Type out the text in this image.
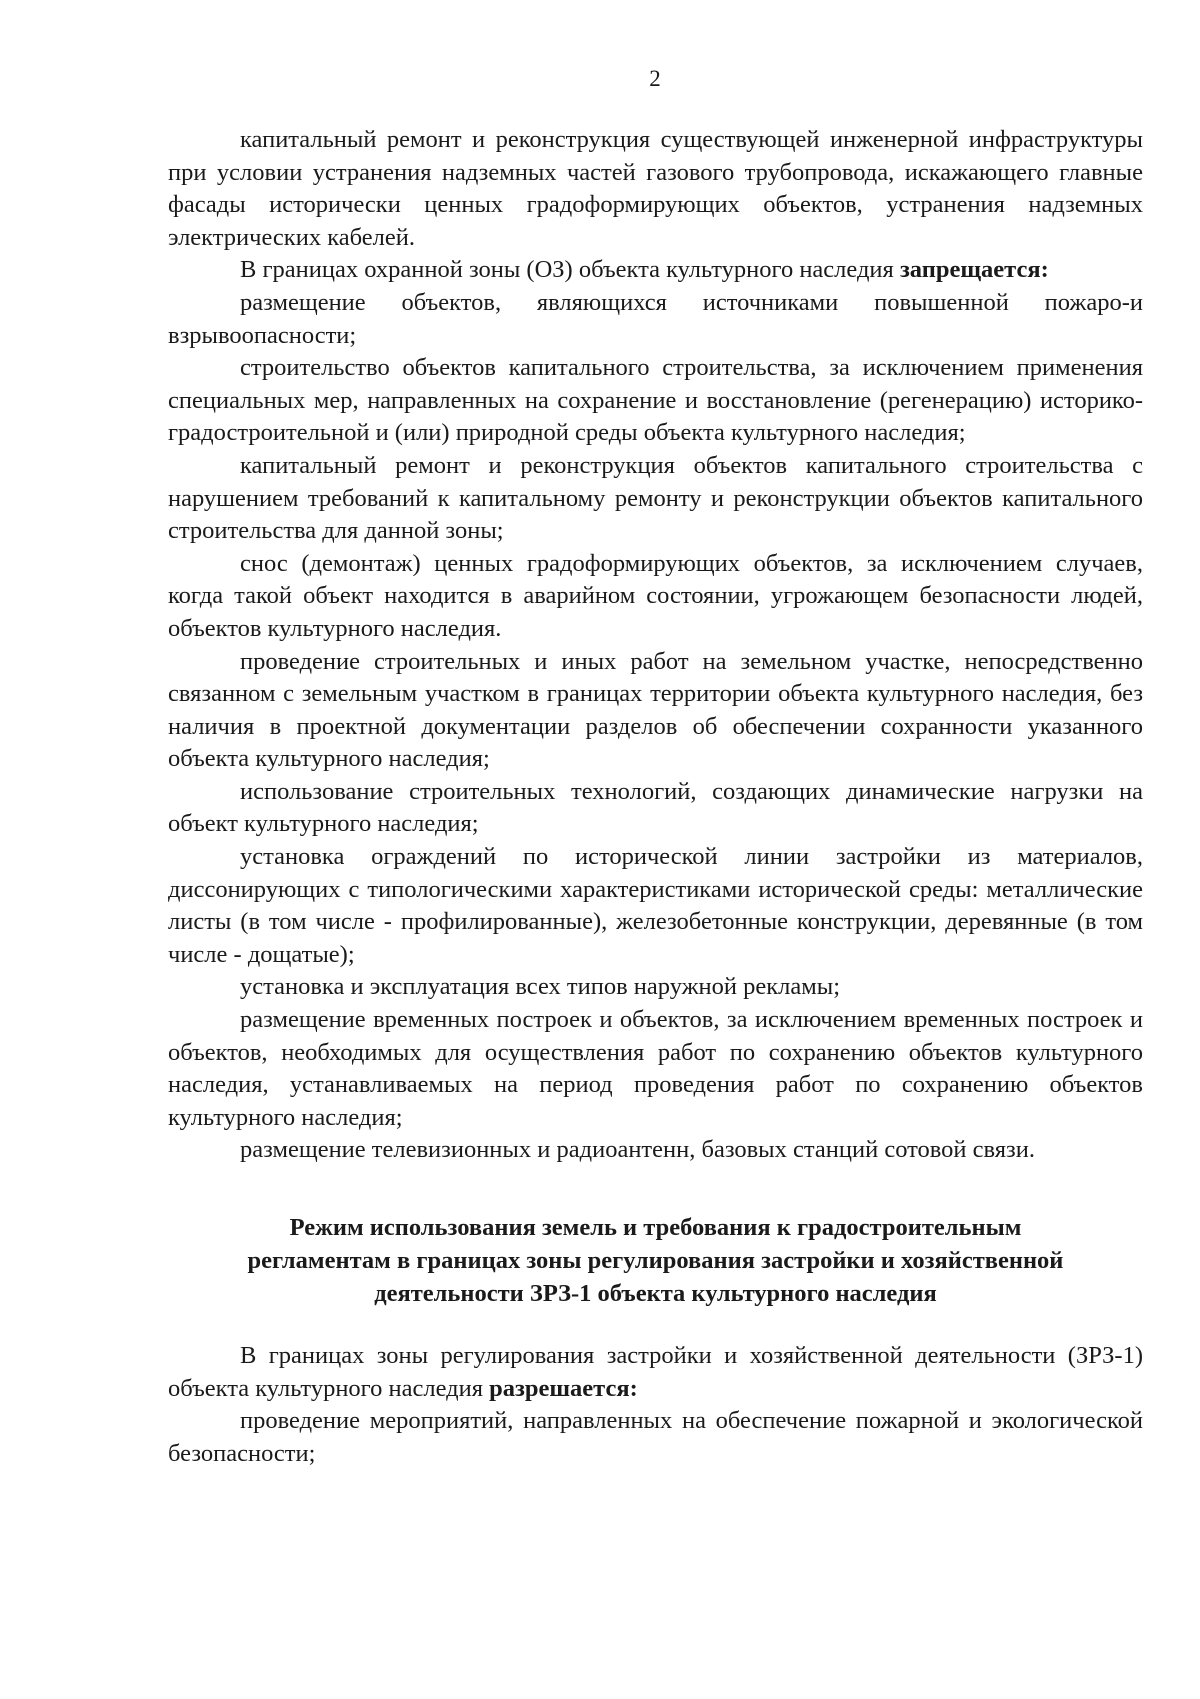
2

капитальный ремонт и реконструкция существующей инженерной инфраструктуры при условии устранения надземных частей газового трубопровода, искажающего главные фасады исторически ценных градоформирующих объектов, устранения надземных электрических кабелей.

В границах охранной зоны (ОЗ) объекта культурного наследия запрещается:

размещение объектов, являющихся источниками повышенной пожаро-и взрывоопасности;

строительство объектов капитального строительства, за исключением применения специальных мер, направленных на сохранение и восстановление (регенерацию) историко-градостроительной и (или) природной среды объекта культурного наследия;

капитальный ремонт и реконструкция объектов капитального строительства с нарушением требований к капитальному ремонту и реконструкции объектов капитального строительства для данной зоны;

снос (демонтаж) ценных градоформирующих объектов, за исключением случаев, когда такой объект находится в аварийном состоянии, угрожающем безопасности людей, объектов культурного наследия.

проведение строительных и иных работ на земельном участке, непосредственно связанном с земельным участком в границах территории объекта культурного наследия, без наличия в проектной документации разделов об обеспечении сохранности указанного объекта культурного наследия;

использование строительных технологий, создающих динамические нагрузки на объект культурного наследия;

установка ограждений по исторической линии застройки из материалов, диссонирующих с типологическими характеристиками исторической среды: металлические листы (в том числе - профилированные), железобетонные конструкции, деревянные (в том числе - дощатые);

установка и эксплуатация всех типов наружной рекламы;

размещение временных построек и объектов, за исключением временных построек и объектов, необходимых для осуществления работ по сохранению объектов культурного наследия, устанавливаемых на период проведения работ по сохранению объектов культурного наследия;

размещение телевизионных и радиоантенн, базовых станций сотовой связи.

Режим использования земель и требования к градостроительным
регламентам в границах зоны регулирования застройки и хозяйственной
деятельности ЗРЗ-1 объекта культурного наследия

В границах зоны регулирования застройки и хозяйственной деятельности (ЗРЗ-1) объекта культурного наследия разрешается:

проведение мероприятий, направленных на обеспечение пожарной и экологической безопасности;
